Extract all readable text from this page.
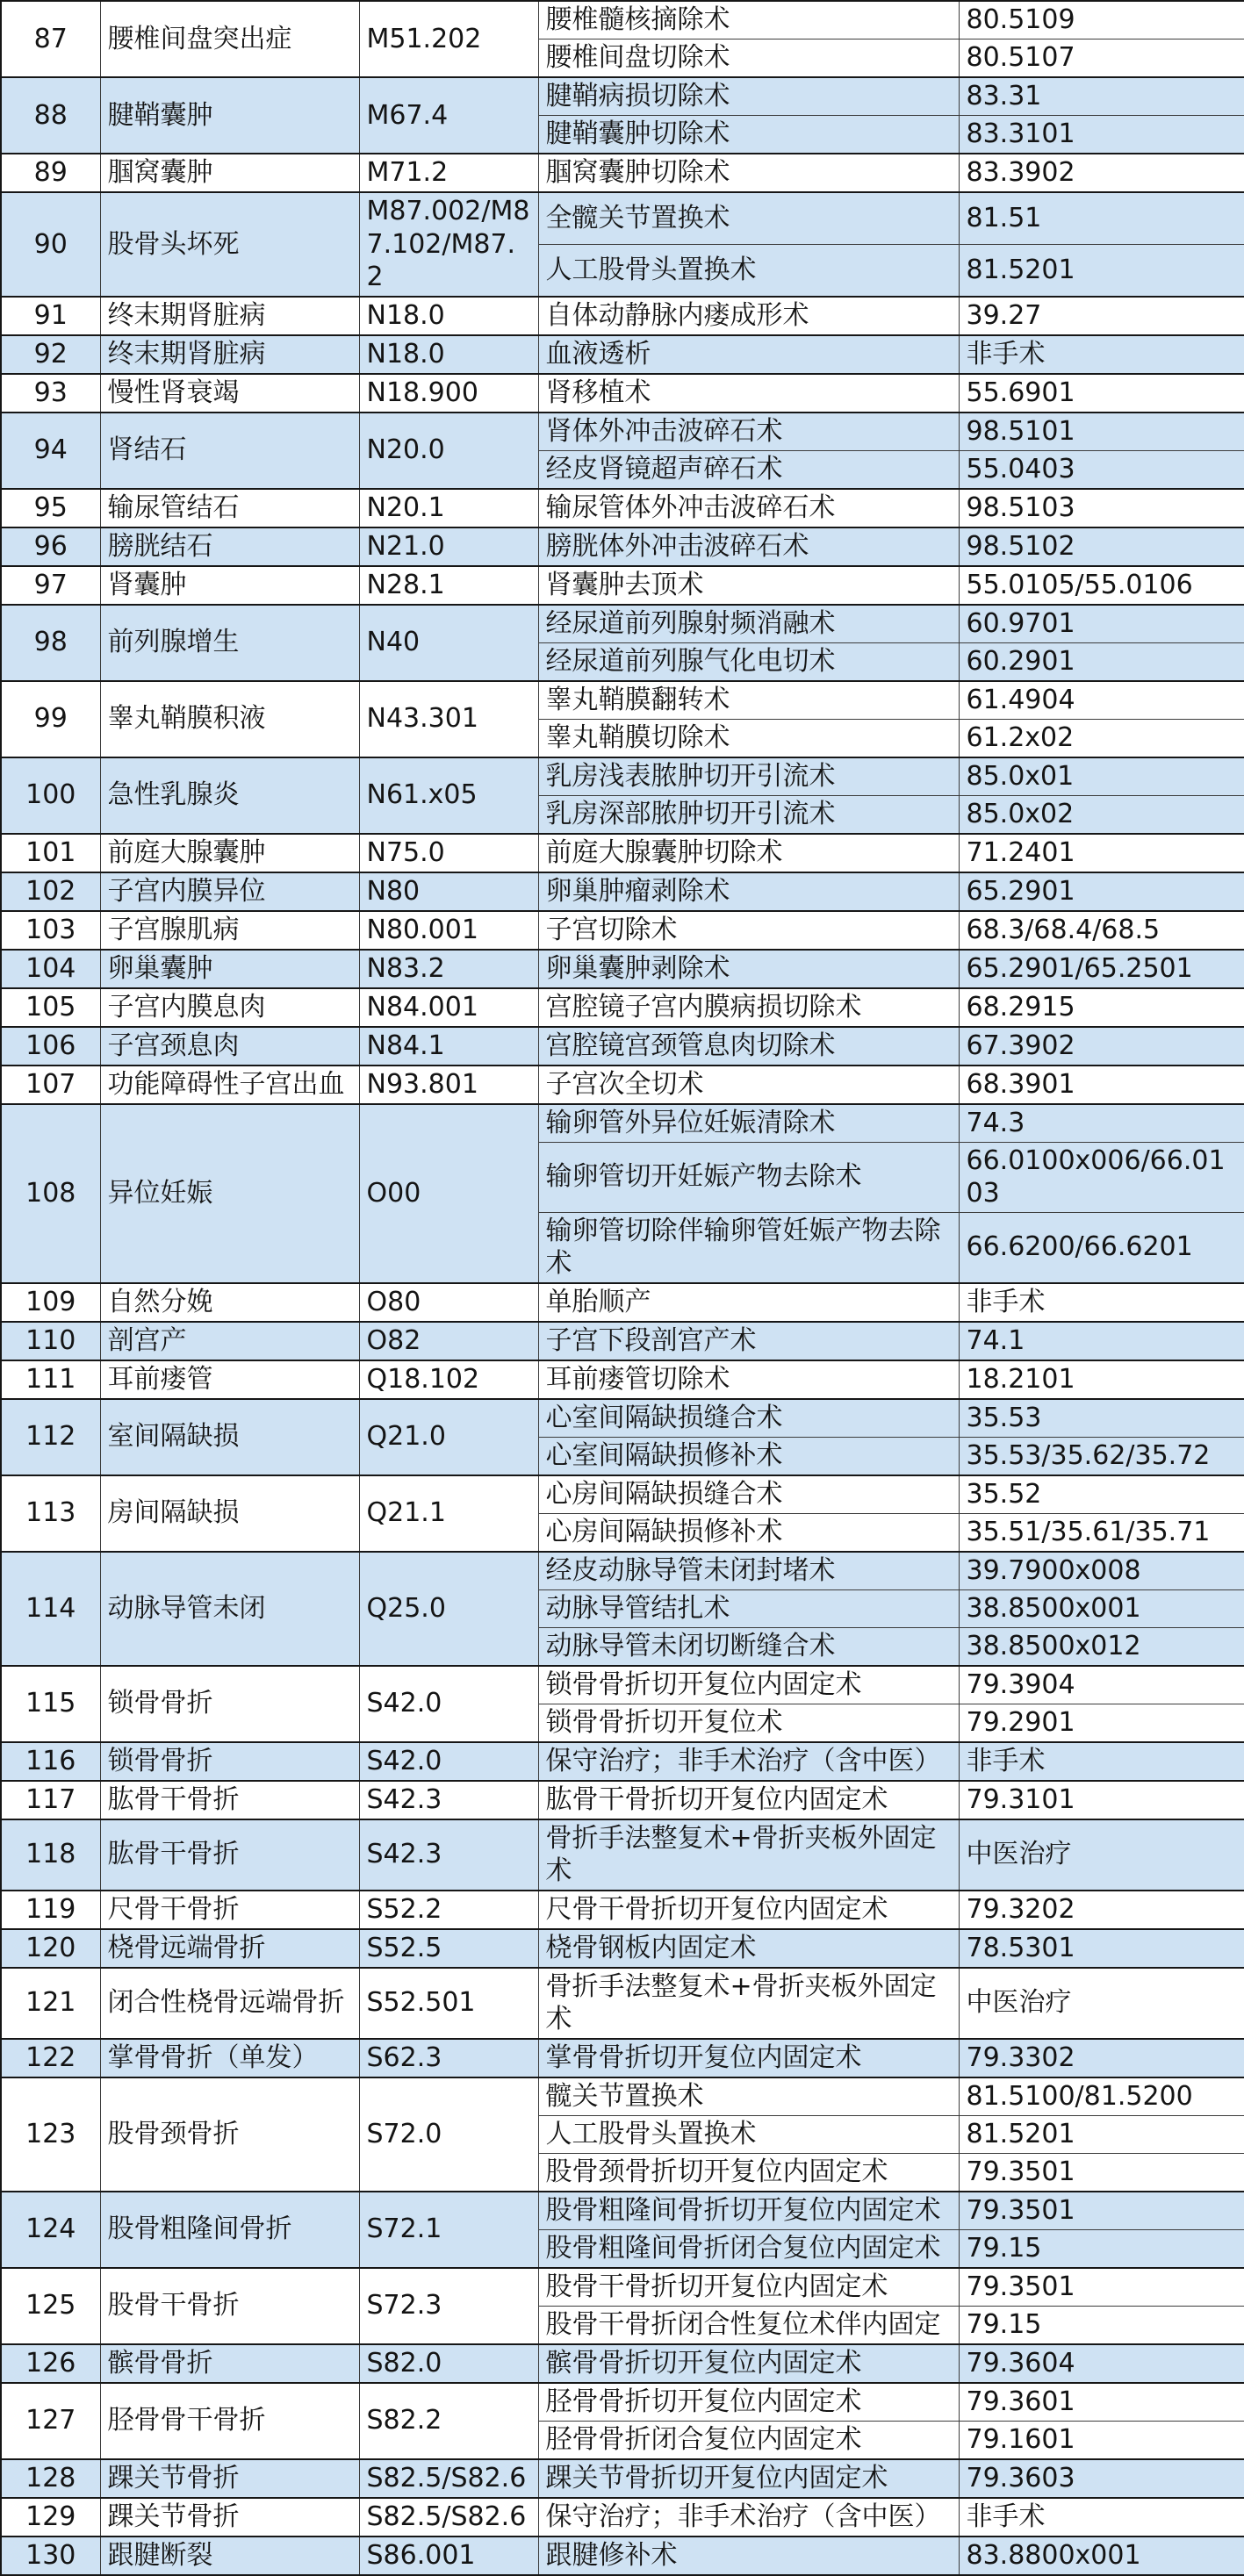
87	腰椎间盘突出症	M51.202	腰椎髓核摘除术	80.5109
			腰椎间盘切除术	80.5107
88	腱鞘囊肿	M67.4	腱鞘病损切除术	83.31
			腱鞘囊肿切除术	83.3101
89	腘窝囊肿	M71.2	腘窝囊肿切除术	83.3902
90	股骨头坏死	M87.002/M87.102/M87.2	全髋关节置换术	81.51
			人工股骨头置换术	81.5201
91	终末期肾脏病	N18.0	自体动静脉内瘘成形术	39.27
92	终末期肾脏病	N18.0	血液透析	非手术
93	慢性肾衰竭	N18.900	肾移植术	55.6901
94	肾结石	N20.0	肾体外冲击波碎石术	98.5101
			经皮肾镜超声碎石术	55.0403
95	输尿管结石	N20.1	输尿管体外冲击波碎石术	98.5103
96	膀胱结石	N21.0	膀胱体外冲击波碎石术	98.5102
97	肾囊肿	N28.1	肾囊肿去顶术	55.0105/55.0106
98	前列腺增生	N40	经尿道前列腺射频消融术	60.9701
			经尿道前列腺气化电切术	60.2901
99	睾丸鞘膜积液	N43.301	睾丸鞘膜翻转术	61.4904
			睾丸鞘膜切除术	61.2x02
100	急性乳腺炎	N61.x05	乳房浅表脓肿切开引流术	85.0x01
			乳房深部脓肿切开引流术	85.0x02
101	前庭大腺囊肿	N75.0	前庭大腺囊肿切除术	71.2401
102	子宫内膜异位	N80	卵巢肿瘤剥除术	65.2901
103	子宫腺肌病	N80.001	子宫切除术	68.3/68.4/68.5
104	卵巢囊肿	N83.2	卵巢囊肿剥除术	65.2901/65.2501
105	子宫内膜息肉	N84.001	宫腔镜子宫内膜病损切除术	68.2915
106	子宫颈息肉	N84.1	宫腔镜宫颈管息肉切除术	67.3902
107	功能障碍性子宫出血	N93.801	子宫次全切术	68.3901
108	异位妊娠	O00	输卵管外异位妊娠清除术	74.3
			输卵管切开妊娠产物去除术	66.0100x006/66.0103
			输卵管切除伴输卵管妊娠产物去除术	66.6200/66.6201
109	自然分娩	O80	单胎顺产	非手术
110	剖宫产	O82	子宫下段剖宫产术	74.1
111	耳前瘘管	Q18.102	耳前瘘管切除术	18.2101
112	室间隔缺损	Q21.0	心室间隔缺损缝合术	35.53
			心室间隔缺损修补术	35.53/35.62/35.72
113	房间隔缺损	Q21.1	心房间隔缺损缝合术	35.52
			心房间隔缺损修补术	35.51/35.61/35.71
114	动脉导管未闭	Q25.0	经皮动脉导管未闭封堵术	39.7900x008
			动脉导管结扎术	38.8500x001
			动脉导管未闭切断缝合术	38.8500x012
115	锁骨骨折	S42.0	锁骨骨折切开复位内固定术	79.3904
			锁骨骨折切开复位术	79.2901
116	锁骨骨折	S42.0	保守治疗；非手术治疗（含中医）	非手术
117	肱骨干骨折	S42.3	肱骨干骨折切开复位内固定术	79.3101
118	肱骨干骨折	S42.3	骨折手法整复术+骨折夹板外固定术	中医治疗
119	尺骨干骨折	S52.2	尺骨干骨折切开复位内固定术	79.3202
120	桡骨远端骨折	S52.5	桡骨钢板内固定术	78.5301
121	闭合性桡骨远端骨折	S52.501	骨折手法整复术+骨折夹板外固定术	中医治疗
122	掌骨骨折（单发）	S62.3	掌骨骨折切开复位内固定术	79.3302
123	股骨颈骨折	S72.0	髋关节置换术	81.5100/81.5200
			人工股骨头置换术	81.5201
			股骨颈骨折切开复位内固定术	79.3501
124	股骨粗隆间骨折	S72.1	股骨粗隆间骨折切开复位内固定术	79.3501
			股骨粗隆间骨折闭合复位内固定术	79.15
125	股骨干骨折	S72.3	股骨干骨折切开复位内固定术	79.3501
			股骨干骨折闭合性复位术伴内固定	79.15
126	髌骨骨折	S82.0	髌骨骨折切开复位内固定术	79.3604
127	胫骨骨干骨折	S82.2	胫骨骨折切开复位内固定术	79.3601
			胫骨骨折闭合复位内固定术	79.1601
128	踝关节骨折	S82.5/S82.6	踝关节骨折切开复位内固定术	79.3603
129	踝关节骨折	S82.5/S82.6	保守治疗；非手术治疗（含中医）	非手术
130	跟腱断裂	S86.001	跟腱修补术	83.8800x001
